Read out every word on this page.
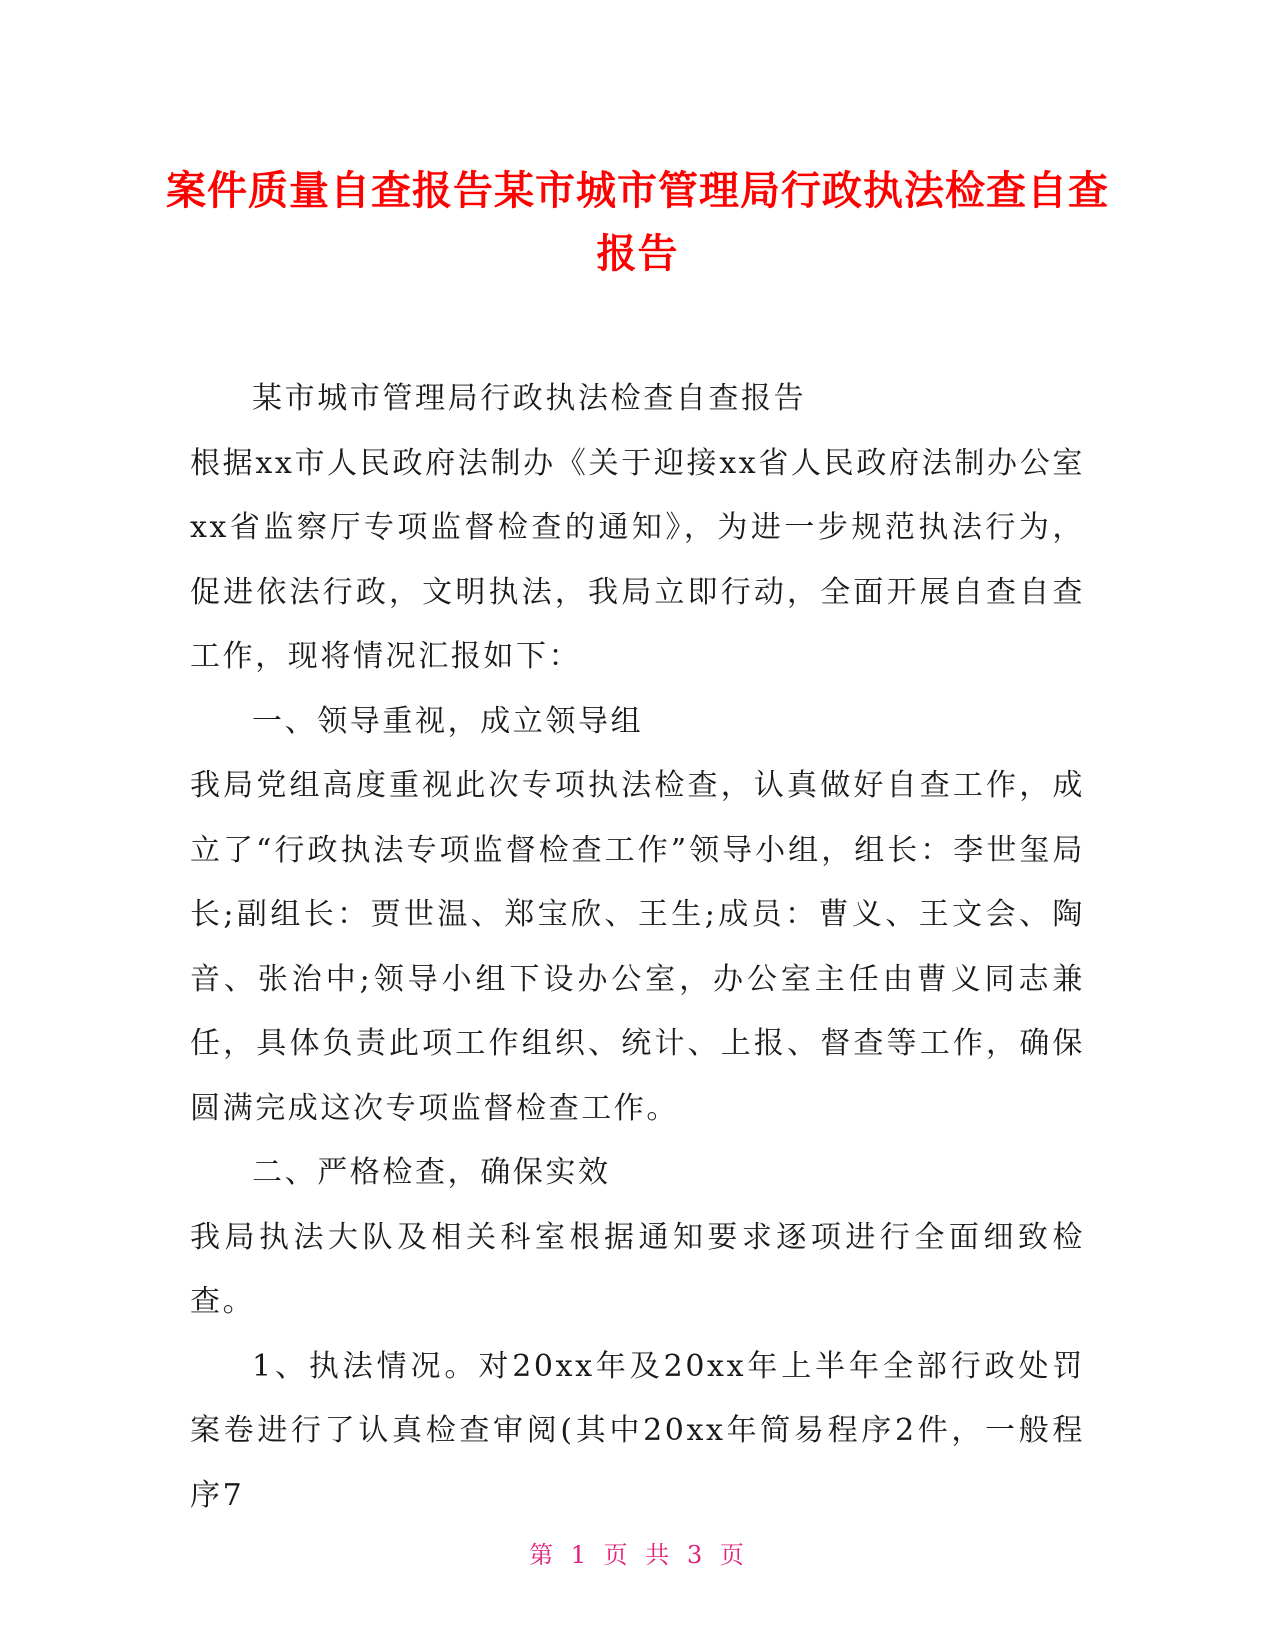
案件质量自查报告某市城市管理局行政执法检查自查报告

某市城市管理局行政执法检查自查报告

根据xx市人民政府法制办《关于迎接xx省人民政府法制办公室xx省监察厅专项监督检查的通知》，为进一步规范执法行为，促进依法行政，文明执法，我局立即行动，全面开展自查自查工作，现将情况汇报如下：

一、领导重视，成立领导组

我局党组高度重视此次专项执法检查，认真做好自查工作，成立了“行政执法专项监督检查工作”领导小组，组长：李世玺局长;副组长：贾世温、郑宝欣、王生;成员：曹义、王文会、陶音、张治中;领导小组下设办公室，办公室主任由曹义同志兼任，具体负责此项工作组织、统计、上报、督查等工作，确保圆满完成这次专项监督检查工作。

二、严格检查，确保实效

我局执法大队及相关科室根据通知要求逐项进行全面细致检查。

1、执法情况。对20xx年及20xx年上半年全部行政处罚案卷进行了认真检查审阅(其中20xx年简易程序2件，一般程序7

第 1 页 共 3 页
